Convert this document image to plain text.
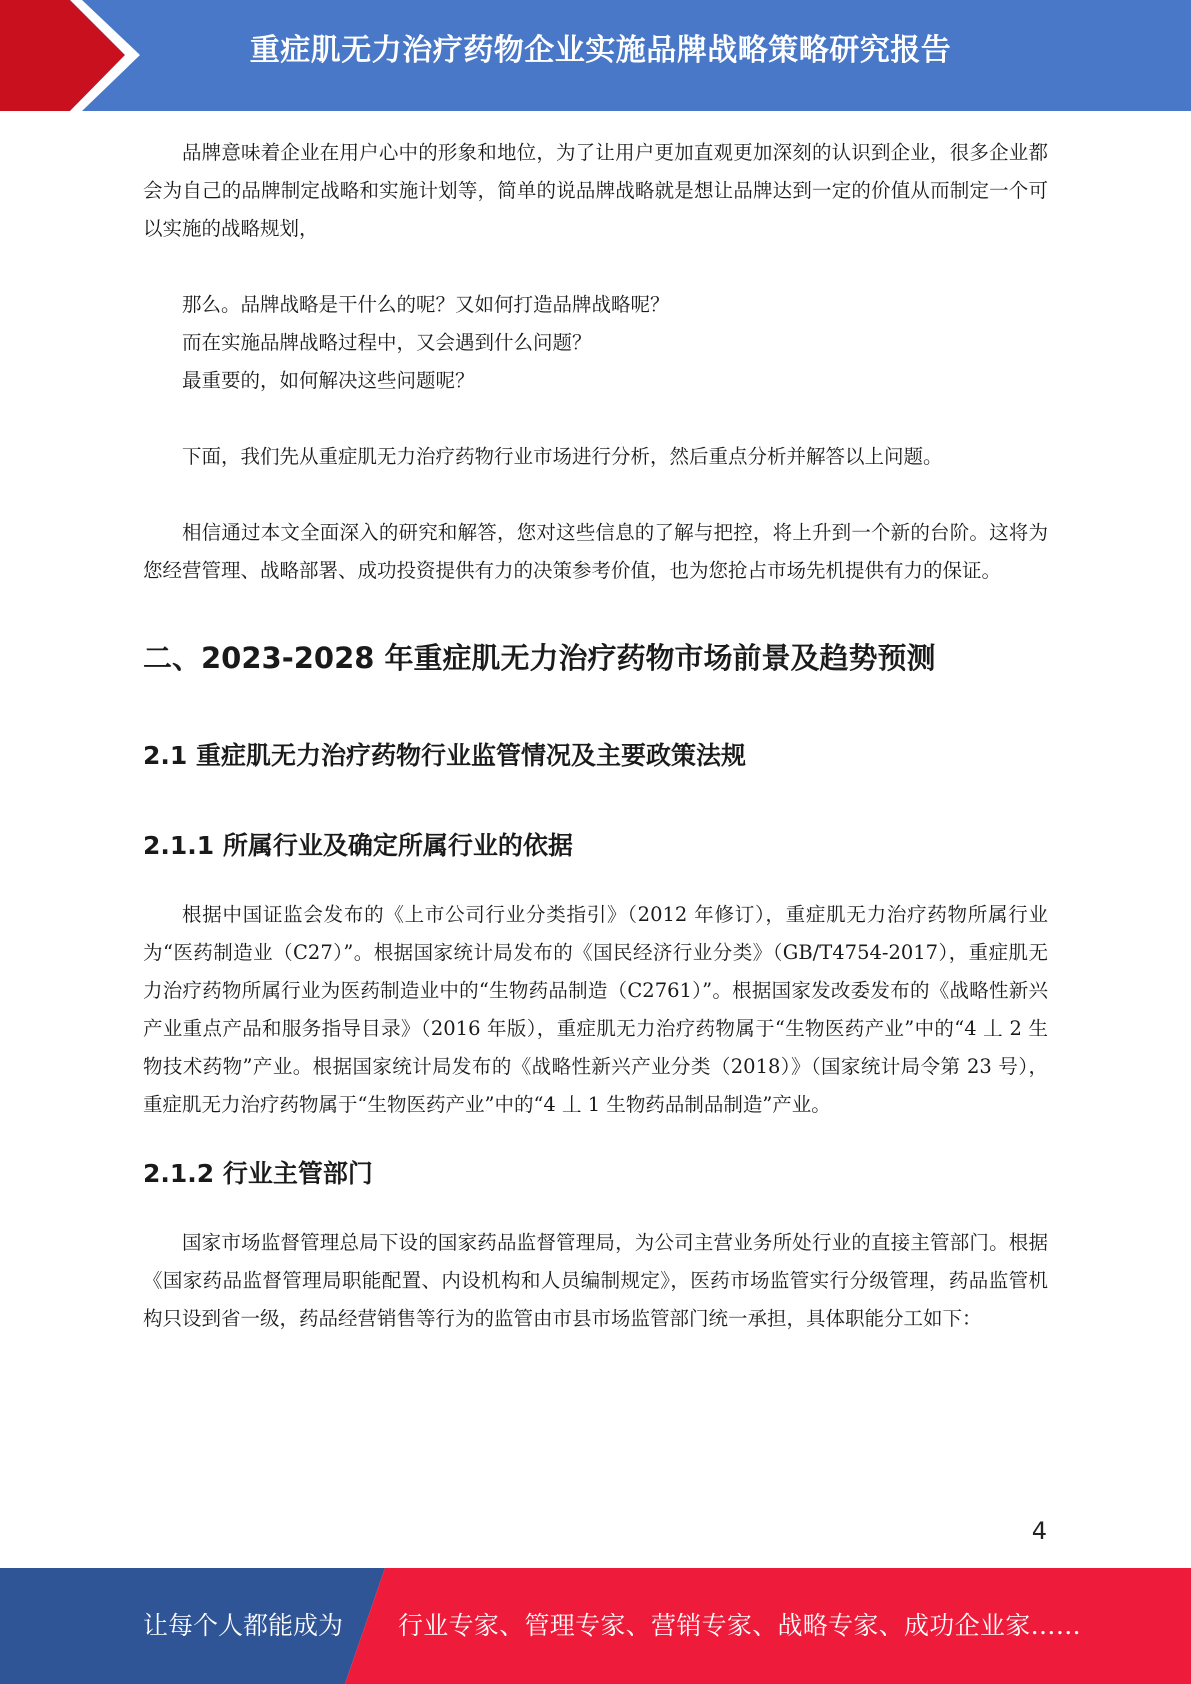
重症肌无力治疗药物企业实施品牌战略策略研究报告

品牌意味着企业在用户心中的形象和地位，为了让用户更加直观更加深刻的认识到企业，很多企业都会为自己的品牌制定战略和实施计划等，简单的说品牌战略就是想让品牌达到一定的价值从而制定一个可以实施的战略规划，

那么。品牌战略是干什么的呢？又如何打造品牌战略呢？

而在实施品牌战略过程中，又会遇到什么问题？

最重要的，如何解决这些问题呢？

下面，我们先从重症肌无力治疗药物行业市场进行分析，然后重点分析并解答以上问题。

相信通过本文全面深入的研究和解答，您对这些信息的了解与把控，将上升到一个新的台阶。这将为您经营管理、战略部署、成功投资提供有力的决策参考价值，也为您抢占市场先机提供有力的保证。

二、2023-2028 年重症肌无力治疗药物市场前景及趋势预测
2.1 重症肌无力治疗药物行业监管情况及主要政策法规
2.1.1 所属行业及确定所属行业的依据

根据中国证监会发布的《上市公司行业分类指引》（2012 年修订），重症肌无力治疗药物所属行业为“医药制造业（C27）”。根据国家统计局发布的《国民经济行业分类》（GB/T4754-2017），重症肌无力治疗药物所属行业为医药制造业中的“生物药品制造（C2761）”。根据国家发改委发布的《战略性新兴产业重点产品和服务指导目录》（2016 年版），重症肌无力治疗药物属于“生物医药产业”中的“4 丄 2 生物技术药物”产业。根据国家统计局发布的《战略性新兴产业分类（2018）》（国家统计局令第 23 号），重症肌无力治疗药物属于“生物医药产业”中的“4 丄 1 生物药品制品制造”产业。

2.1.2 行业主管部门

国家市场监督管理总局下设的国家药品监督管理局，为公司主营业务所处行业的直接主管部门。根据《国家药品监督管理局职能配置、内设机构和人员编制规定》，医药市场监管实行分级管理，药品监管机构只设到省一级，药品经营销售等行为的监管由市县市场监管部门统一承担，具体职能分工如下：

4
让每个人都能成为 行业专家、管理专家、营销专家、战略专家、成功企业家……
